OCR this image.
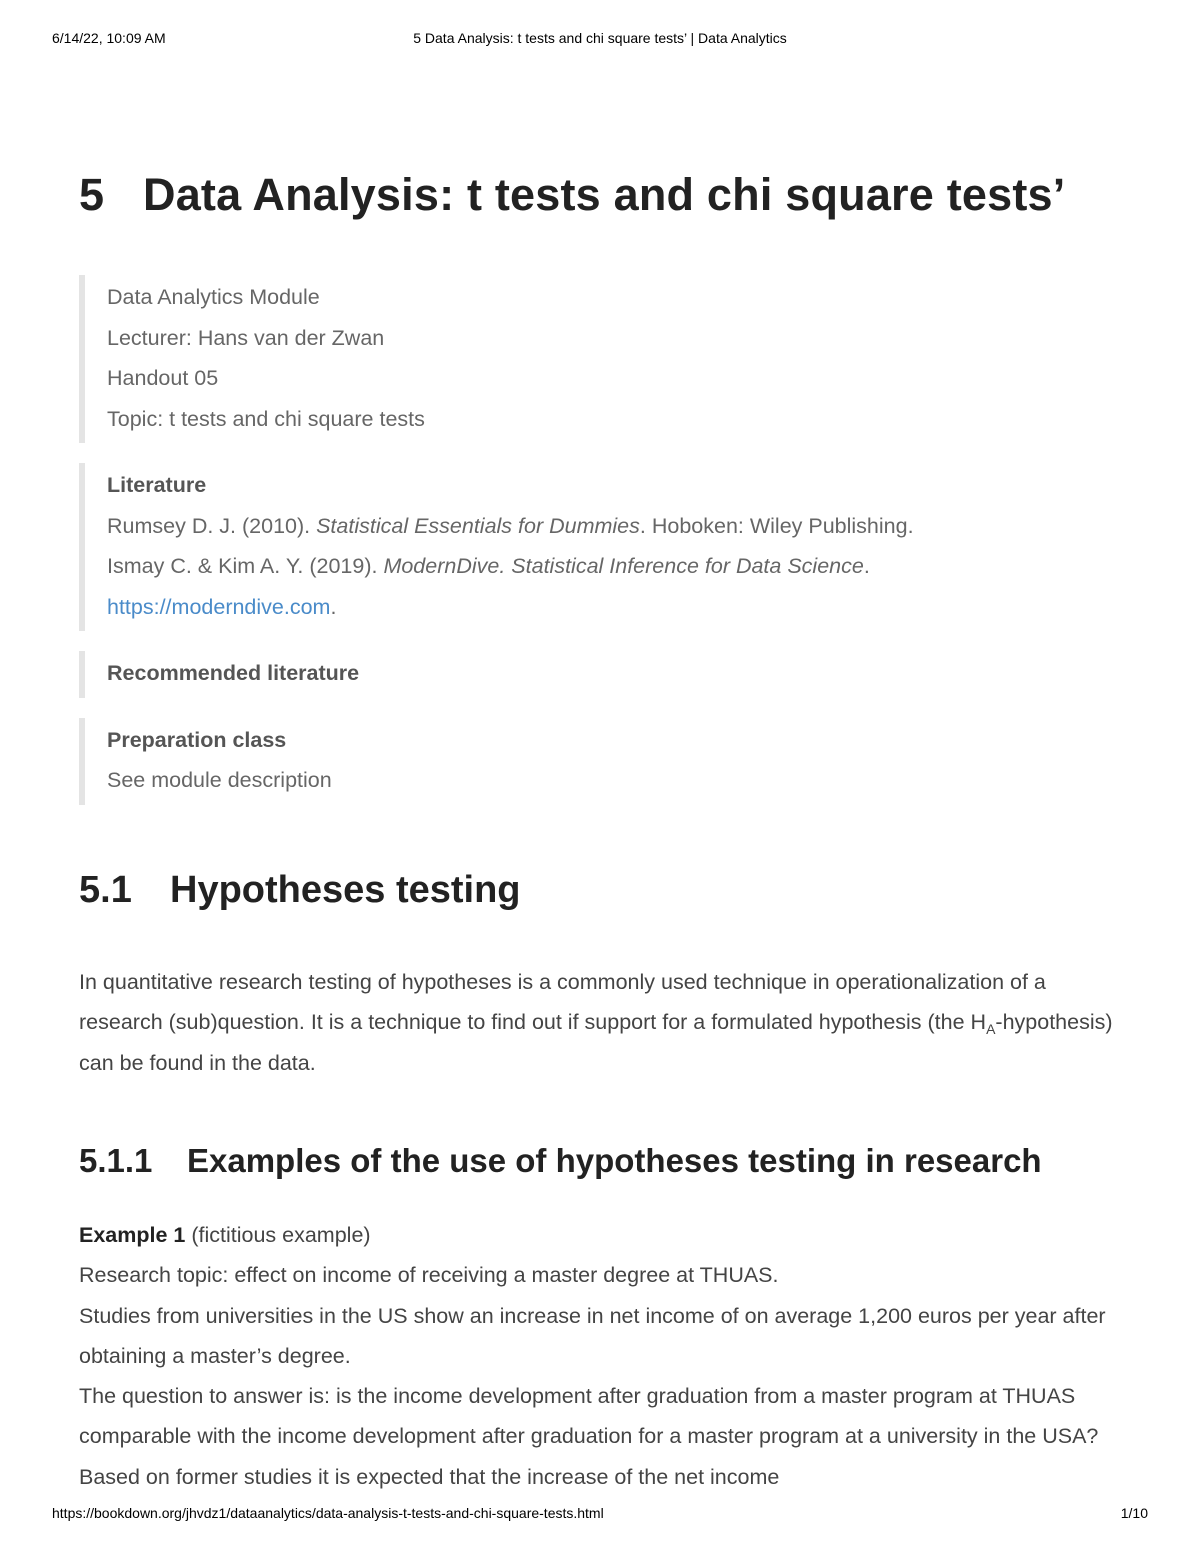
6/14/22, 10:09 AM	5 Data Analysis: t tests and chi square tests’ | Data Analytics
5 Data Analysis: t tests and chi square tests’

Data Analytics Module

Lecturer: Hans van der Zwan

Handout 05

Topic: t tests and chi square tests

Literature

Rumsey D. J. (2010). Statistical Essentials for Dummies. Hoboken: Wiley Publishing.

Ismay C. & Kim A. Y. (2019). ModernDive. Statistical Inference for Data Science.

https://moderndive.com.

Recommended literature

Preparation class

See module description

5.1 Hypotheses testing

In quantitative research testing of hypotheses is a commonly used technique in operationalization of a research (sub)question. It is a technique to find out if support for a formulated hypothesis (the $H_A-hypothesis$) can be found in the data.

5.1.1 Examples of the use of hypotheses testing in research

Example 1 (fictitious example)

Research topic: effect on income of receiving a master degree at THUAS.

Studies from universities in the US show an increase in net income of on average 1,200 euros per year after obtaining a master’s degree.

The question to answer is: is the income development after graduation from a master program at THUAS comparable with the income development after graduation for a master program at a university in the USA? Based on former studies it is expected that the increase of the net income

https://bookdown.org/jhvdz1/dataanalytics/data-analysis-t-tests-and-chi-square-tests.html	1/10
